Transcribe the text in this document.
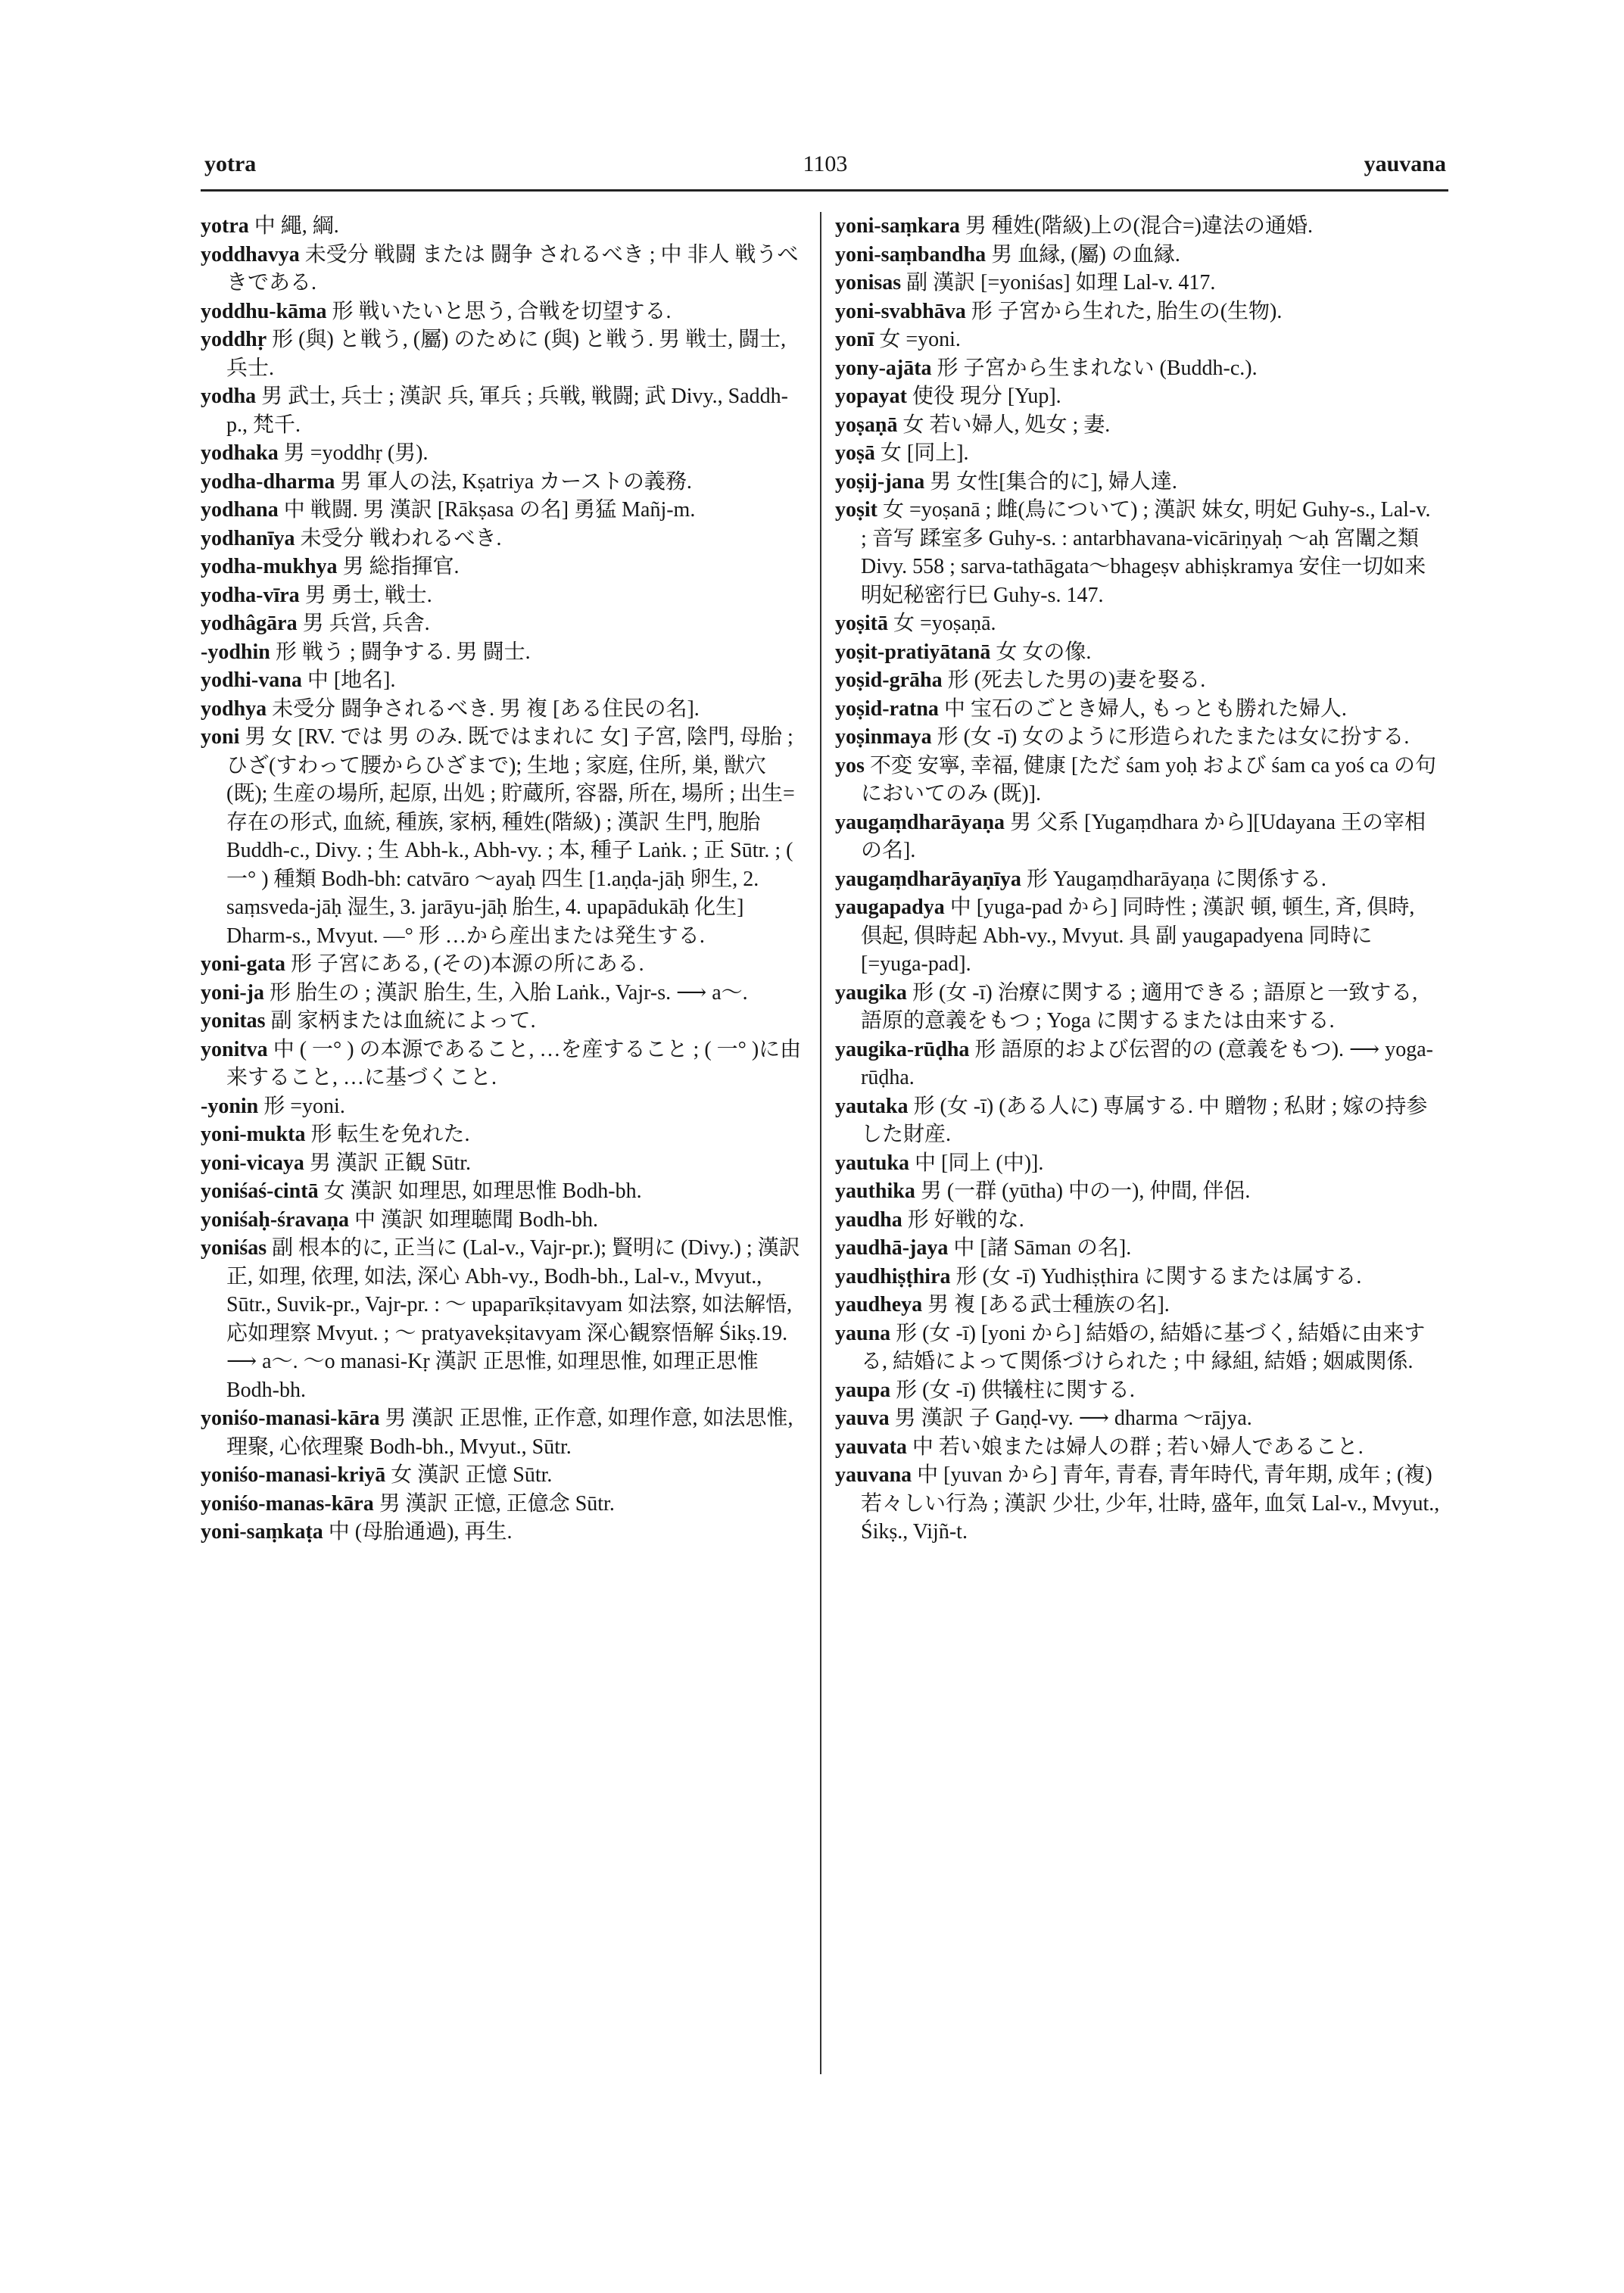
yotra	1103	yauvana

yotra 中 繩, 綱.

yoddhavya 未受分 戦闘 または 闘争 されるべき ; 中 非人 戦うべきである.

yoddhu-kāma 形 戦いたいと思う, 合戦を切望する.

yoddhṛ 形 (與) と戦う, (屬) のために (與) と戦う. 男 戦士, 闘士, 兵士.

yodha 男 武士, 兵士 ; 漢訳 兵, 軍兵 ; 兵戦, 戦闘; 武 Divy., Saddh-p., 梵千.

yodhaka 男 =yoddhṛ (男).

yodha-dharma 男 軍人の法, Kṣatriya カーストの義務.

yodhana 中 戦闘. 男 漢訳 [Rākṣasa の名] 勇猛 Mañj-m.

yodhanīya 未受分 戦われるべき.

yodha-mukhya 男 総指揮官.

yodha-vīra 男 勇士, 戦士.

yodhâgāra 男 兵営, 兵舎.

-yodhin 形 戦う ; 闘争する. 男 闘士.

yodhi-vana 中 [地名].

yodhya 未受分 闘争されるべき. 男 複 [ある住民の名].

yoni 男 女 [RV. では 男 のみ. 既ではまれに 女] 子宮, 陰門, 母胎 ; ひざ(すわって腰からひざまで); 生地 ; 家庭, 住所, 巣, 獣穴(既); 生産の場所, 起原, 出処 ; 貯蔵所, 容器, 所在, 場所 ; 出生=存在の形式, 血統, 種族, 家柄, 種姓(階級) ; 漢訳 生門, 胞胎 Buddh-c., Divy. ; 生 Abh-k., Abh-vy. ; 本, 種子 Laṅk. ; 正 Sūtr. ; ( 一° ) 種類 Bodh-bh: catvāro ～ayaḥ 四生 [1.aṇḍa-jāḥ 卵生, 2. saṃsveda-jāḥ 湿生, 3. jarāyu-jāḥ 胎生, 4. upapādukāḥ 化生] Dharm-s., Mvyut. ―° 形 …から産出または発生する.

yoni-gata 形 子宮にある, (その)本源の所にある.

yoni-ja 形 胎生の ; 漢訳 胎生, 生, 入胎 Laṅk., Vajr-s. ⟶ a～.

yonitas 副 家柄または血統によって.

yonitva 中 ( 一° ) の本源であること, …を産すること ; ( 一° )に由来すること, …に基づくこと.

-yonin 形 =yoni.

yoni-mukta 形 転生を免れた.

yoni-vicaya 男 漢訳 正観 Sūtr.

yoniśaś-cintā 女 漢訳 如理思, 如理思惟 Bodh-bh.

yoniśaḥ-śravaṇa 中 漢訳 如理聴聞 Bodh-bh.

yoniśas 副 根本的に, 正当に (Lal-v., Vajr-pr.); 賢明に (Divy.) ; 漢訳 正, 如理, 依理, 如法, 深心 Abh-vy., Bodh-bh., Lal-v., Mvyut., Sūtr., Suvik-pr., Vajr-pr. : ～ upaparīkṣitavyam 如法察, 如法解悟, 応如理察 Mvyut. ; ～ pratyavekṣitavyam 深心観察悟解 Śikṣ.19. ⟶ a～. ～o manasi-Kṛ 漢訳 正思惟, 如理思惟, 如理正思惟 Bodh-bh.

yoniśo-manasi-kāra 男 漢訳 正思惟, 正作意, 如理作意, 如法思惟, 理聚, 心依理聚 Bodh-bh., Mvyut., Sūtr.

yoniśo-manasi-kriyā 女 漢訳 正憶 Sūtr.

yoniśo-manas-kāra 男 漢訳 正憶, 正億念 Sūtr.

yoni-saṃkaṭa 中 (母胎通過), 再生.

yoni-saṃkara 男 種姓(階級)上の(混合=)違法の通婚.

yoni-saṃbandha 男 血縁, (屬) の血縁.

yonisas 副 漢訳 [=yoniśas] 如理 Lal-v. 417.

yoni-svabhāva 形 子宮から生れた, 胎生の(生物).

yonī 女 =yoni.

yony-ajāta 形 子宮から生まれない (Buddh-c.).

yopayat 使役 現分 [Yup].

yoṣaṇā 女 若い婦人, 処女 ; 妻.

yoṣā 女 [同上].

yoṣij-jana 男 女性[集合的に], 婦人達.

yoṣit 女 =yoṣanā ; 雌(鳥について) ; 漢訳 妹女, 明妃 Guhy-s., Lal-v. ; 音写 蹂室多 Guhy-s. : antarbhavana-vicāriṇyaḥ ～aḥ 宮闈之類 Divy. 558 ; sarva-tathāgata～bhageṣv abhiṣkramya 安住一切如来明妃秘密行巳 Guhy-s. 147.

yoṣitā 女 =yoṣaṇā.

yoṣit-pratiyātanā 女 女の像.

yoṣid-grāha 形 (死去した男の)妻を娶る.

yoṣid-ratna 中 宝石のごとき婦人, もっとも勝れた婦人.

yoṣinmaya 形 (女 -ī) 女のように形造られたまたは女に扮する.

yos 不変 安寧, 幸福, 健康 [ただ śam yoḥ および śam ca yoś ca の句においてのみ (既)].

yaugaṃdharāyaṇa 男 父系 [Yugaṃdhara から][Udayana 王の宰相の名].

yaugaṃdharāyaṇīya 形 Yaugaṃdharāyaṇa に関係する.

yaugapadya 中 [yuga-pad から] 同時性 ; 漢訳 頓, 頓生, 斉, 倶時, 倶起, 倶時起 Abh-vy., Mvyut. 具 副 yaugapadyena 同時に [=yuga-pad].

yaugika 形 (女 -ī) 治療に関する ; 適用できる ; 語原と一致する, 語原的意義をもつ ; Yoga に関するまたは由来する.

yaugika-rūḍha 形 語原的および伝習的の (意義をもつ). ⟶ yoga-rūḍha.

yautaka 形 (女 -ī) (ある人に) 専属する. 中 贈物 ; 私財 ; 嫁の持参した財産.

yautuka 中 [同上 (中)].

yauthika 男 (一群 (yūtha) 中の一), 仲間, 伴侶.

yaudha 形 好戦的な.

yaudhā-jaya 中 [諸 Sāman の名].

yaudhiṣṭhira 形 (女 -ī) Yudhiṣṭhira に関するまたは属する.

yaudheya 男 複 [ある武士種族の名].

yauna 形 (女 -ī) [yoni から] 結婚の, 結婚に基づく, 結婚に由来する, 結婚によって関係づけられた ; 中 縁組, 結婚 ; 姻戚関係.

yaupa 形 (女 -ī) 供犠柱に関する.

yauva 男 漢訳 子 Gaṇḍ-vy. ⟶ dharma ～rājya.

yauvata 中 若い娘または婦人の群 ; 若い婦人であること.

yauvana 中 [yuvan から] 青年, 青春, 青年時代, 青年期, 成年 ; (複) 若々しい行為 ; 漢訳 少壮, 少年, 壮時, 盛年, 血気 Lal-v., Mvyut., Śikṣ., Vijñ-t.
